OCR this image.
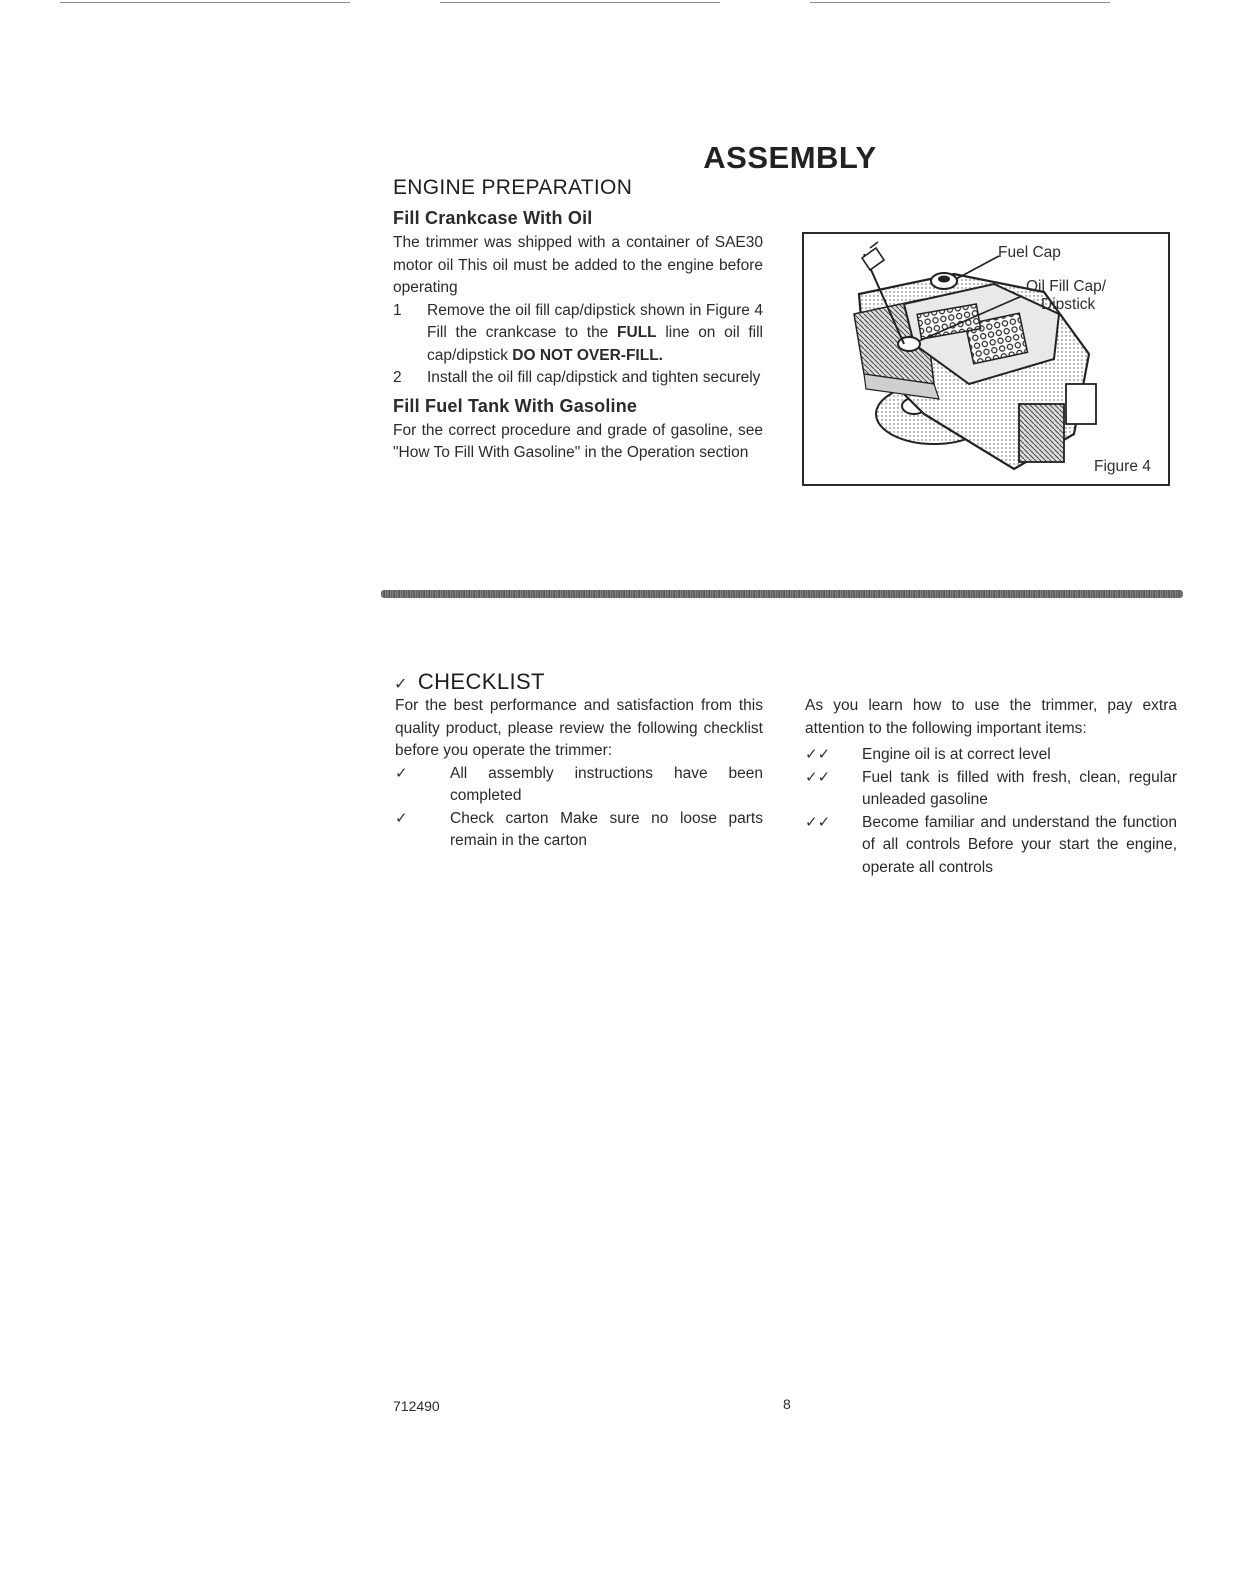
ASSEMBLY
ENGINE PREPARATION
Fill Crankcase With Oil
The trimmer was shipped with a container of SAE30 motor oil This oil must be added to the engine before operating
1	Remove the oil fill cap/dipstick shown in Figure 4 Fill the crankcase to the FULL line on oil fill cap/dipstick DO NOT OVER-FILL.
2	Install the oil fill cap/dipstick and tighten securely
Fill Fuel Tank With Gasoline
For the correct procedure and grade of gasoline, see "How To Fill With Gasoline" in the Operation section
Fuel Cap
Oil Fill Cap/
Dipstick
Figure 4
✓ CHECKLIST
For the best performance and satisfaction from this quality product, please review the following checklist before you operate the trimmer:
✓	All assembly instructions have been completed
✓	Check carton Make sure no loose parts remain in the carton
As you learn how to use the trimmer, pay extra attention to the following important items:
✓✓	Engine oil is at correct level
✓✓	Fuel tank is filled with fresh, clean, regular unleaded gasoline
✓✓	Become familiar and understand the function of all controls Before your start the engine, operate all controls
712490	8
